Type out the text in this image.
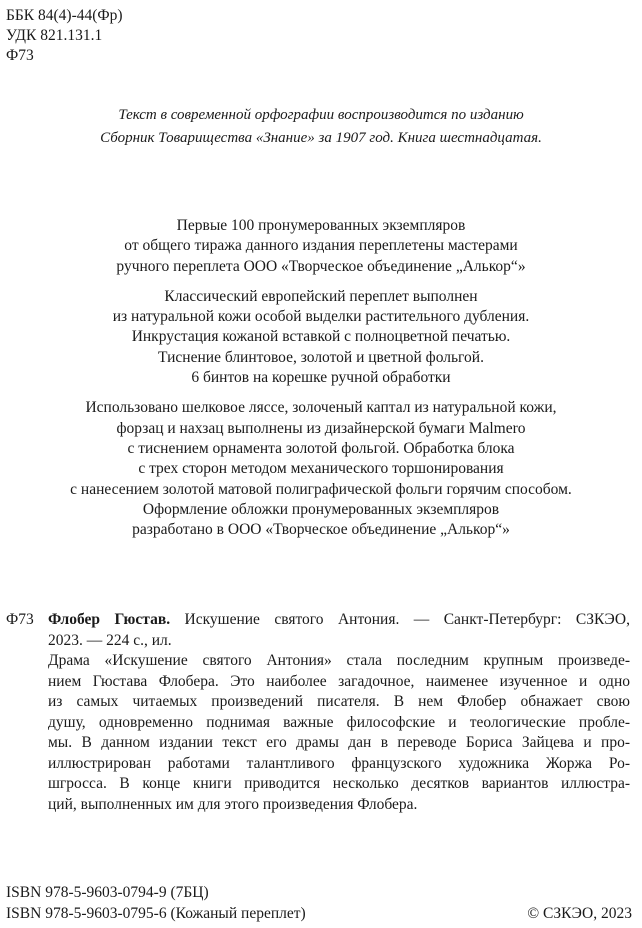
ББК 84(4)-44(Фр)
УДК 821.131.1
Ф73
Текст в современной орфографии воспроизводится по изданию
Сборник Товарищества «Знание» за 1907 год. Книга шестнадцатая.
Первые 100 пронумерованных экземпляров
от общего тиража данного издания переплетены мастерами
ручного переплета ООО «Творческое объединение „Алькор“»
Классический европейский переплет выполнен
из натуральной кожи особой выделки растительного дубления.
Инкрустация кожаной вставкой с полноцветной печатью.
Тиснение блинтовое, золотой и цветной фольгой.
6 бинтов на корешке ручной обработки
Использовано шелковое ляссе, золоченый каптал из натуральной кожи,
форзац и нахзац выполнены из дизайнерской бумаги Malmero
с тиснением орнамента золотой фольгой. Обработка блока
с трех сторон методом механического торшонирования
с нанесением золотой матовой полиграфической фольги горячим способом.
Оформление обложки пронумерованных экземпляров
разработано в ООО «Творческое объединение „Алькор“»
Ф73 Флобер Гюстав. Искушение святого Антония. — Санкт-Петербург: СЗКЭО,
2023. — 224 с., ил.
Драма «Искушение святого Антония» стала последним крупным произведе-
нием Гюстава Флобера. Это наиболее загадочное, наименее изученное и одно
из самых читаемых произведений писателя. В нем Флобер обнажает свою
душу, одновременно поднимая важные философские и теологические пробле-
мы. В данном издании текст его драмы дан в переводе Бориса Зайцева и про-
иллюстрирован работами талантливого французского художника Жоржа Ро-
шгросса. В конце книги приводится несколько десятков вариантов иллюстра-
ций, выполненных им для этого произведения Флобера.
ISBN 978-5-9603-0794-9 (7БЦ)
ISBN 978-5-9603-0795-6 (Кожаный переплет)	© СЗКЭО, 2023
